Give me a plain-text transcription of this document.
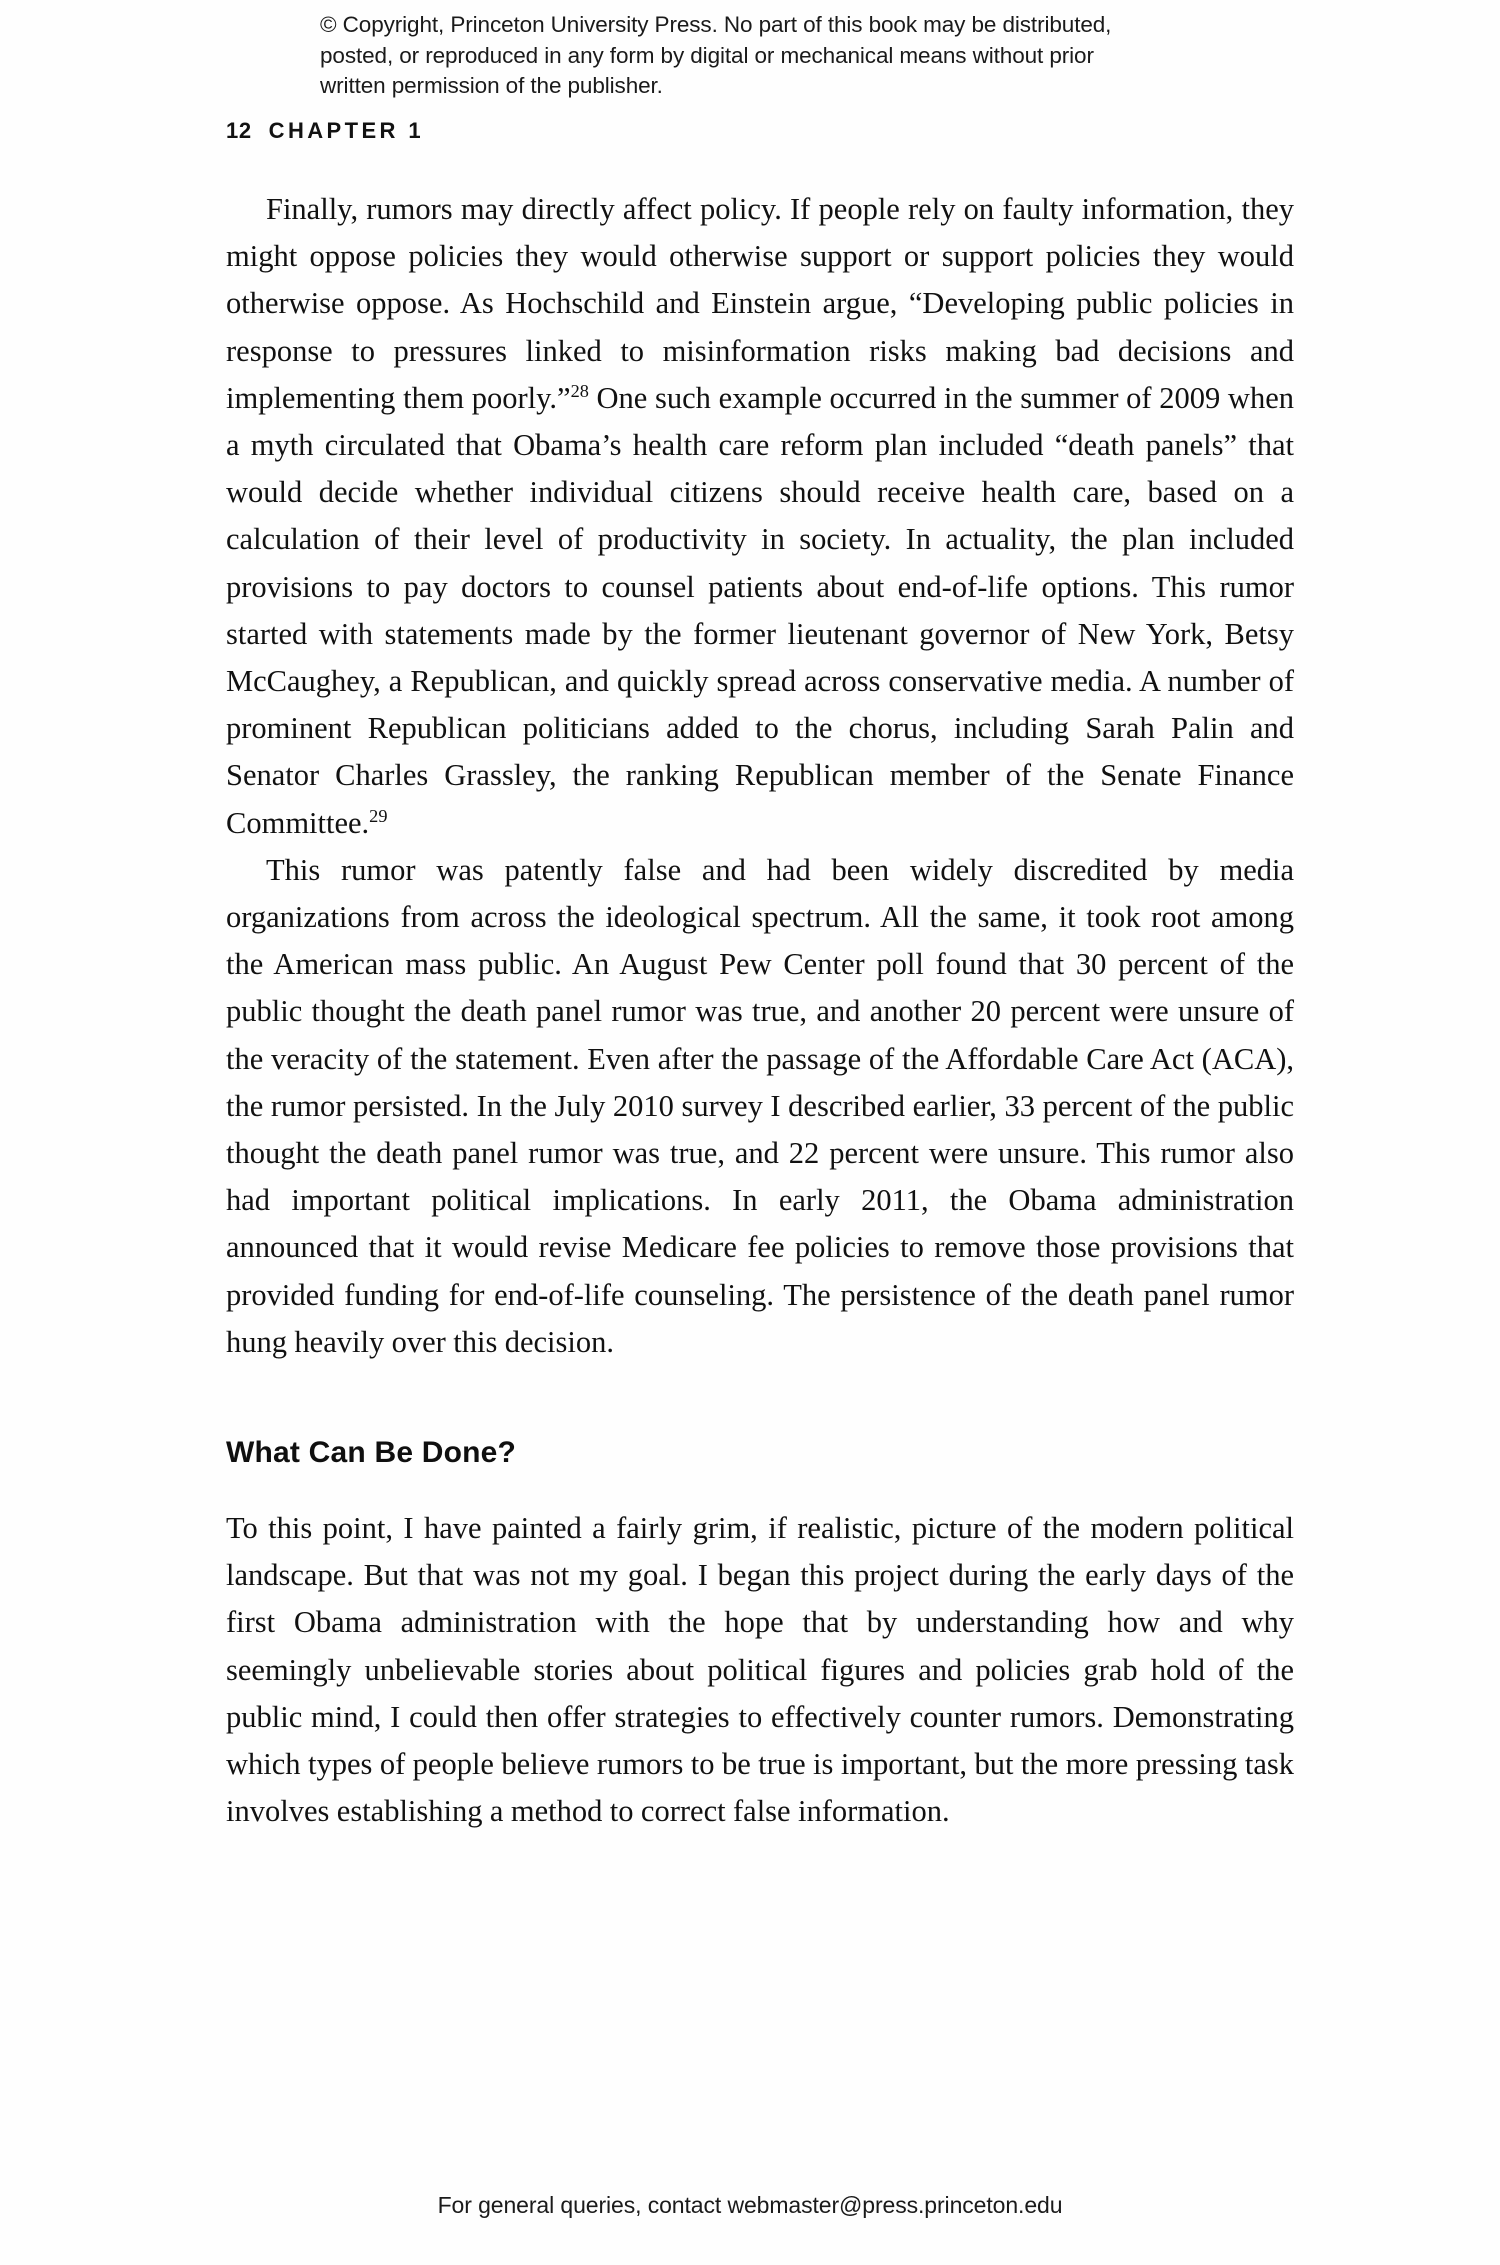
© Copyright, Princeton University Press. No part of this book may be distributed, posted, or reproduced in any form by digital or mechanical means without prior written permission of the publisher.
12 CHAPTER 1

Finally, rumors may directly affect policy. If people rely on faulty information, they might oppose policies they would otherwise support or support policies they would otherwise oppose. As Hochschild and Einstein argue, “Developing public policies in response to pressures linked to misinformation risks making bad decisions and implementing them poorly.”$^{28}$ One such example occurred in the summer of 2009 when a myth circulated that Obama’s health care reform plan included “death panels” that would decide whether individual citizens should receive health care, based on a calculation of their level of productivity in society. In actuality, the plan included provisions to pay doctors to counsel patients about end-of-life options. This rumor started with statements made by the former lieutenant governor of New York, Betsy McCaughey, a Republican, and quickly spread across conservative media. A number of prominent Republican politicians added to the chorus, including Sarah Palin and Senator Charles Grassley, the ranking Republican member of the Senate Finance Committee.$^{29}$

This rumor was patently false and had been widely discredited by media organizations from across the ideological spectrum. All the same, it took root among the American mass public. An August Pew Center poll found that 30 percent of the public thought the death panel rumor was true, and another 20 percent were unsure of the veracity of the statement. Even after the passage of the Affordable Care Act (ACA), the rumor persisted. In the July 2010 survey I described earlier, 33 percent of the public thought the death panel rumor was true, and 22 percent were unsure. This rumor also had important political implications. In early 2011, the Obama administration announced that it would revise Medicare fee policies to remove those provisions that provided funding for end-of-life counseling. The persistence of the death panel rumor hung heavily over this decision.

What Can Be Done?

To this point, I have painted a fairly grim, if realistic, picture of the modern political landscape. But that was not my goal. I began this project during the early days of the first Obama administration with the hope that by understanding how and why seemingly unbelievable stories about political figures and policies grab hold of the public mind, I could then offer strategies to effectively counter rumors. Demonstrating which types of people believe rumors to be true is important, but the more pressing task involves establishing a method to correct false information.

For general queries, contact webmaster@press.princeton.edu
